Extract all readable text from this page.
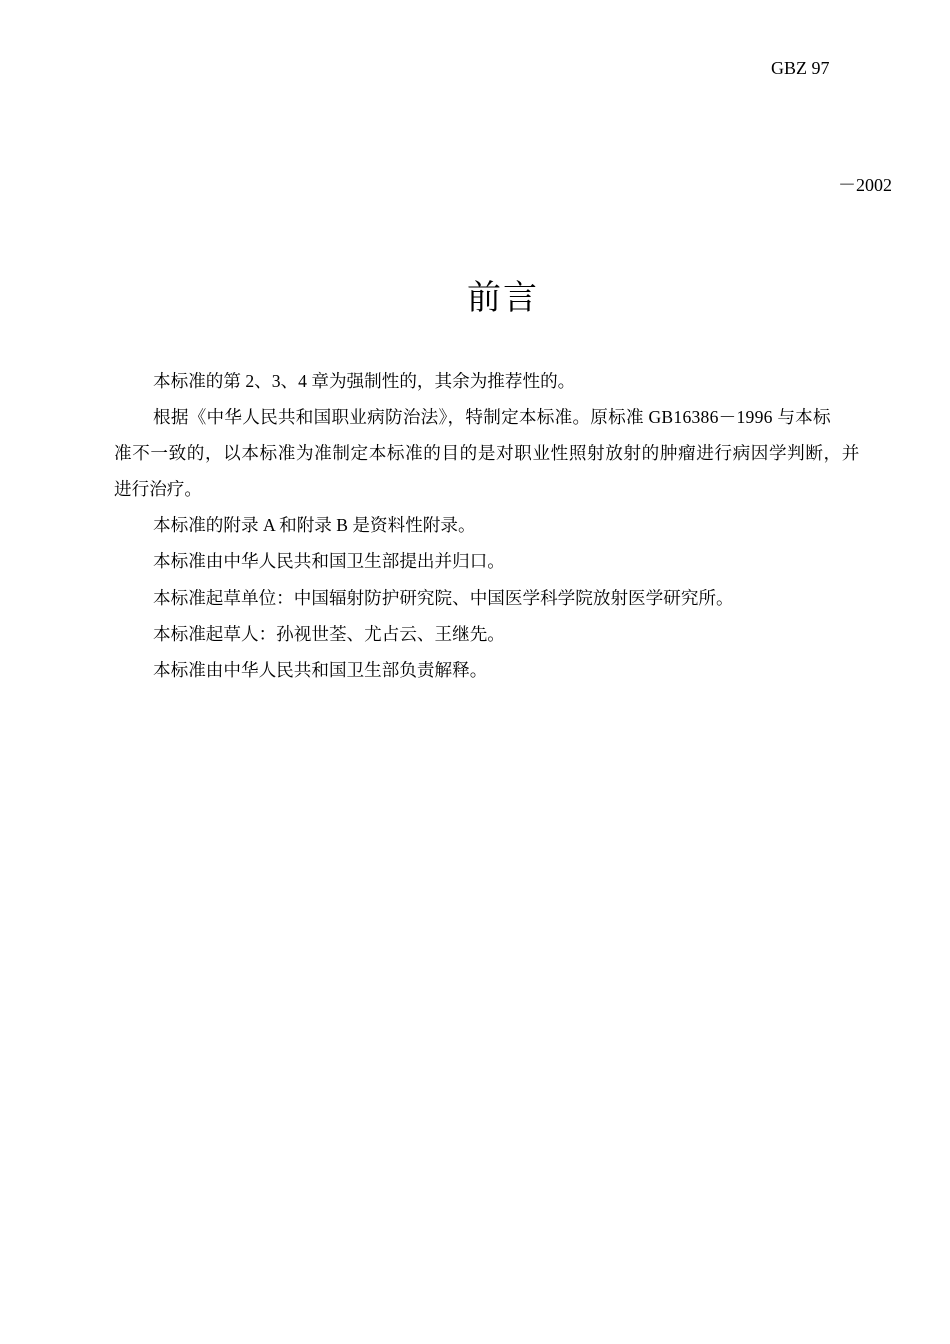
GBZ 97
－2002
前言
本标准的第 2、3、4 章为强制性的，其余为推荐性的。
根据《中华人民共和国职业病防治法》，特制定本标准。原标准 GB16386－1996 与本标
准不一致的，以本标准为准制定本标准的目的是对职业性照射放射的肿瘤进行病因学判断，并
进行治疗。
本标准的附录 A 和附录 B 是资料性附录。
本标准由中华人民共和国卫生部提出并归口。
本标准起草单位：中国辐射防护研究院、中国医学科学院放射医学研究所。
本标准起草人：孙视世荃、尤占云、王继先。
本标准由中华人民共和国卫生部负责解释。
